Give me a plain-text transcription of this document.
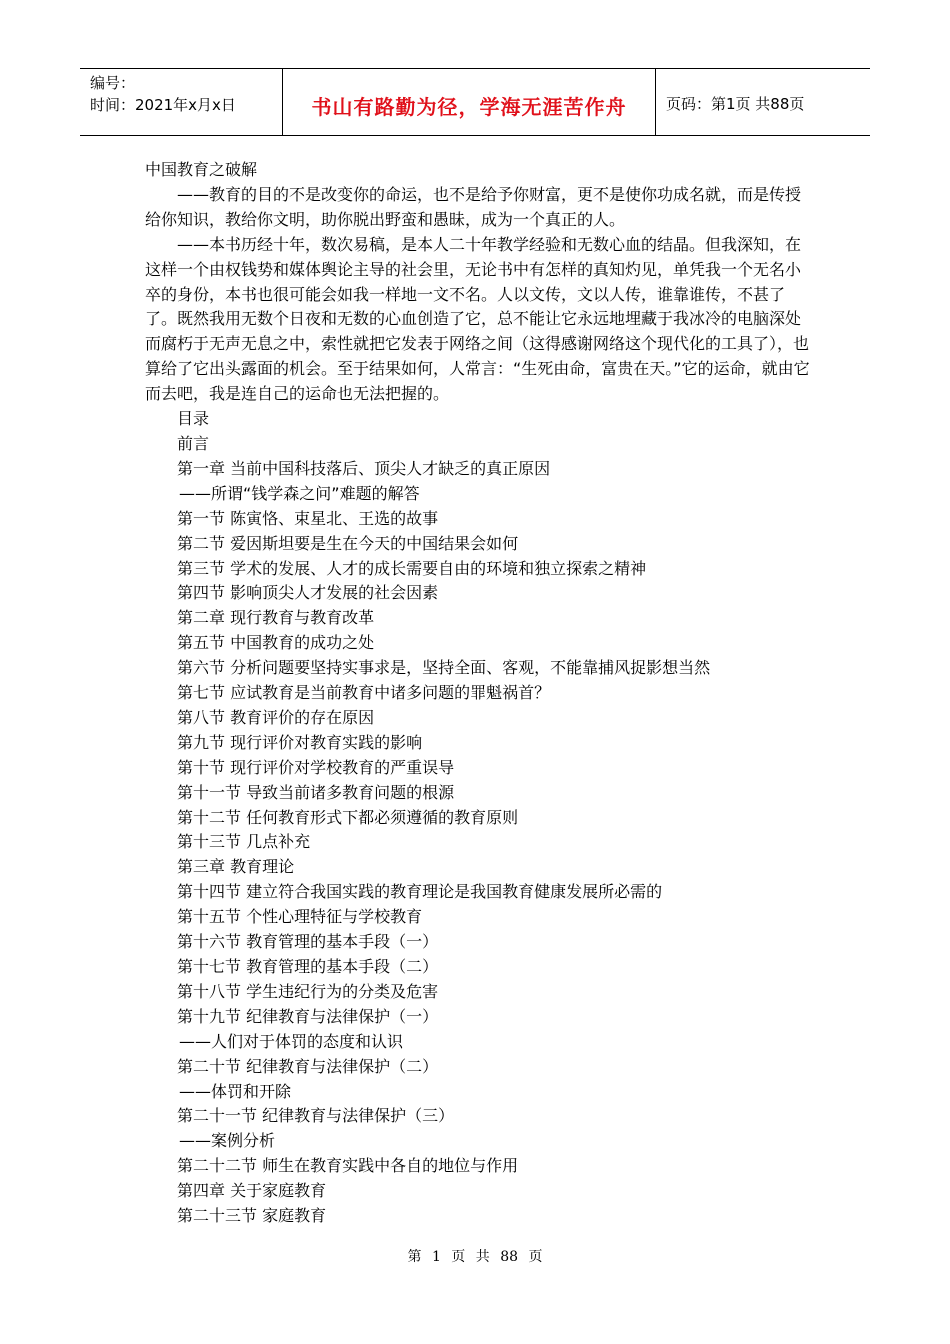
编号：
时间：2021年x月x日	书山有路勤为径，学海无涯苦作舟	页码：第1页 共88页

中国教育之破解

——教育的目的不是改变你的命运，也不是给予你财富，更不是使你功成名就，而是传授给你知识，教给你文明，助你脱出野蛮和愚昧，成为一个真正的人。

——本书历经十年，数次易稿，是本人二十年教学经验和无数心血的结晶。但我深知，在这样一个由权钱势和媒体舆论主导的社会里，无论书中有怎样的真知灼见，单凭我一个无名小卒的身份，本书也很可能会如我一样地一文不名。人以文传，文以人传，谁靠谁传，不甚了了。既然我用无数个日夜和无数的心血创造了它，总不能让它永远地埋藏于我冰冷的电脑深处而腐朽于无声无息之中，索性就把它发表于网络之间（这得感谢网络这个现代化的工具了），也算给了它出头露面的机会。至于结果如何，人常言：“生死由命，富贵在天。”它的运命，就由它而去吧，我是连自己的运命也无法把握的。

目录

前言

第一章 当前中国科技落后、顶尖人才缺乏的真正原因

——所谓“钱学森之问”难题的解答

第一节 陈寅恪、束星北、王选的故事

第二节 爱因斯坦要是生在今天的中国结果会如何

第三节 学术的发展、人才的成长需要自由的环境和独立探索之精神

第四节 影响顶尖人才发展的社会因素

第二章 现行教育与教育改革

第五节 中国教育的成功之处

第六节 分析问题要坚持实事求是，坚持全面、客观，不能靠捕风捉影想当然

第七节 应试教育是当前教育中诸多问题的罪魁祸首？

第八节 教育评价的存在原因

第九节 现行评价对教育实践的影响

第十节 现行评价对学校教育的严重误导

第十一节 导致当前诸多教育问题的根源

第十二节 任何教育形式下都必须遵循的教育原则

第十三节 几点补充

第三章 教育理论

第十四节 建立符合我国实践的教育理论是我国教育健康发展所必需的

第十五节 个性心理特征与学校教育

第十六节 教育管理的基本手段（一）

第十七节 教育管理的基本手段（二）

第十八节 学生违纪行为的分类及危害

第十九节 纪律教育与法律保护（一）

——人们对于体罚的态度和认识

第二十节 纪律教育与法律保护（二）

——体罚和开除

第二十一节 纪律教育与法律保护（三）

——案例分析

第二十二节 师生在教育实践中各自的地位与作用

第四章 关于家庭教育

第二十三节 家庭教育

第 1 页 共 88 页
